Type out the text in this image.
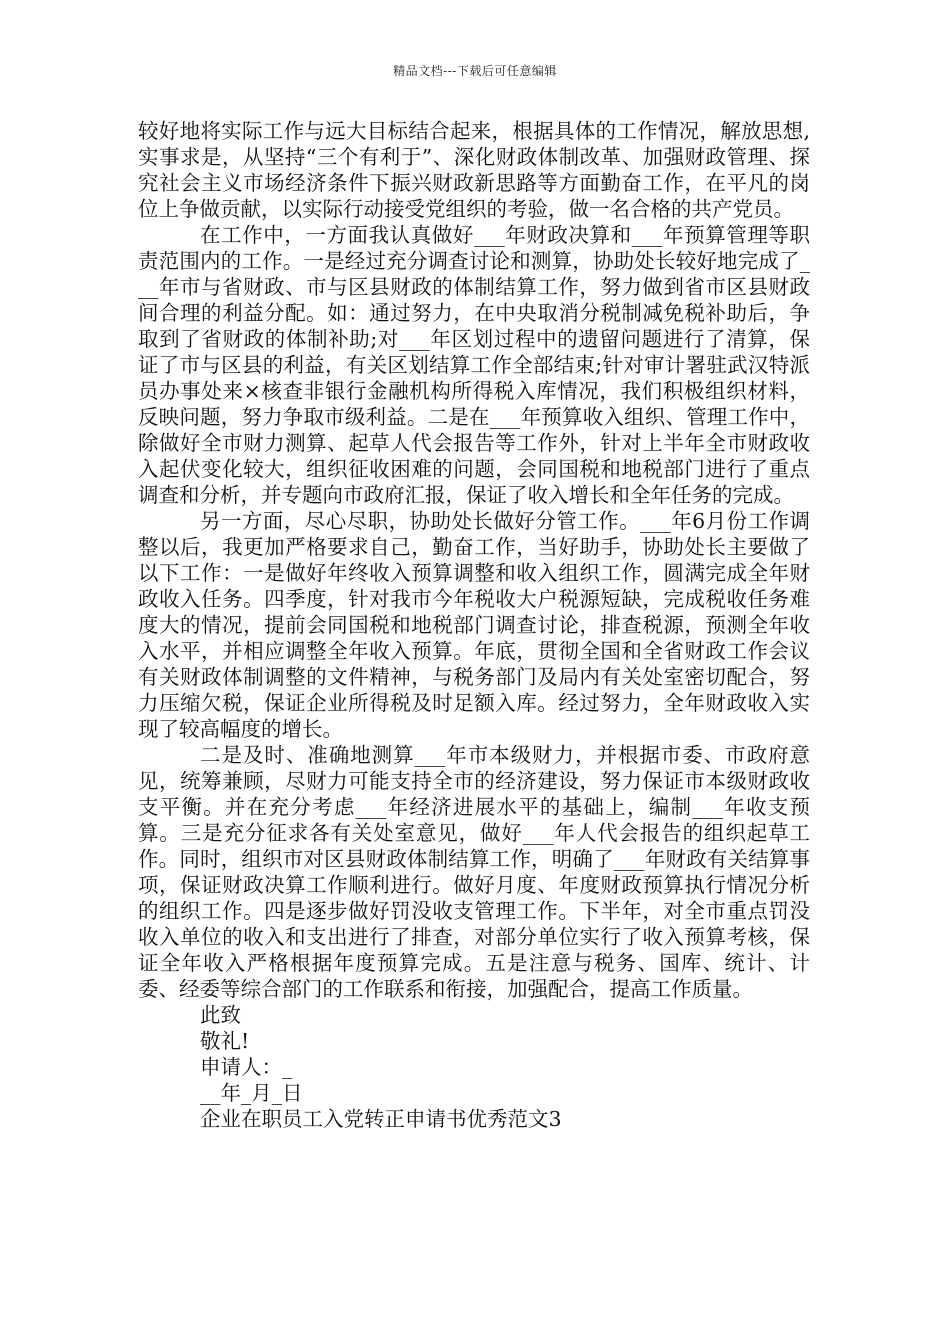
精品文档---下载后可任意编辑

较好地将实际工作与远大目标结合起来，根据具体的工作情况，解放思想,实事求是，从坚持“三个有利于”、深化财政体制改革、加强财政管理、探究社会主义市场经济条件下振兴财政新思路等方面勤奋工作，在平凡的岗位上争做贡献，以实际行动接受党组织的考验，做一名合格的共产党员。

在工作中，一方面我认真做好___年财政决算和___年预算管理等职责范围内的工作。一是经过充分调查讨论和测算，协助处长较好地完成了___年市与省财政、市与区县财政的体制结算工作，努力做到省市区县财政间合理的利益分配。如：通过努力，在中央取消分税制减免税补助后，争取到了省财政的体制补助;对___年区划过程中的遗留问题进行了清算，保证了市与区县的利益，有关区划结算工作全部结束;针对审计署驻武汉特派员办事处来×核查非银行金融机构所得税入库情况，我们积极组织材料，反映问题，努力争取市级利益。二是在___年预算收入组织、管理工作中，除做好全市财力测算、起草人代会报告等工作外，针对上半年全市财政收入起伏变化较大，组织征收困难的问题，会同国税和地税部门进行了重点调查和分析，并专题向市政府汇报，保证了收入增长和全年任务的完成。

另一方面，尽心尽职，协助处长做好分管工作。___年6月份工作调整以后，我更加严格要求自己，勤奋工作，当好助手，协助处长主要做了以下工作：一是做好年终收入预算调整和收入组织工作，圆满完成全年财政收入任务。四季度，针对我市今年税收大户税源短缺，完成税收任务难度大的情况，提前会同国税和地税部门调查讨论，排查税源，预测全年收入水平，并相应调整全年收入预算。年底，贯彻全国和全省财政工作会议有关财政体制调整的文件精神，与税务部门及局内有关处室密切配合，努力压缩欠税，保证企业所得税及时足额入库。经过努力，全年财政收入实现了较高幅度的增长。

二是及时、准确地测算___年市本级财力，并根据市委、市政府意见，统筹兼顾，尽财力可能支持全市的经济建设，努力保证市本级财政收支平衡。并在充分考虑___年经济进展水平的基础上，编制___年收支预算。三是充分征求各有关处室意见，做好___年人代会报告的组织起草工作。同时，组织市对区县财政体制结算工作，明确了___年财政有关结算事项，保证财政决算工作顺利进行。做好月度、年度财政预算执行情况分析的组织工作。四是逐步做好罚没收支管理工作。下半年，对全市重点罚没收入单位的收入和支出进行了排查，对部分单位实行了收入预算考核，保证全年收入严格根据年度预算完成。五是注意与税务、国库、统计、计委、经委等综合部门的工作联系和衔接，加强配合，提高工作质量。

此致

敬礼!

申请人：_

__年_月_日

企业在职员工入党转正申请书优秀范文3
